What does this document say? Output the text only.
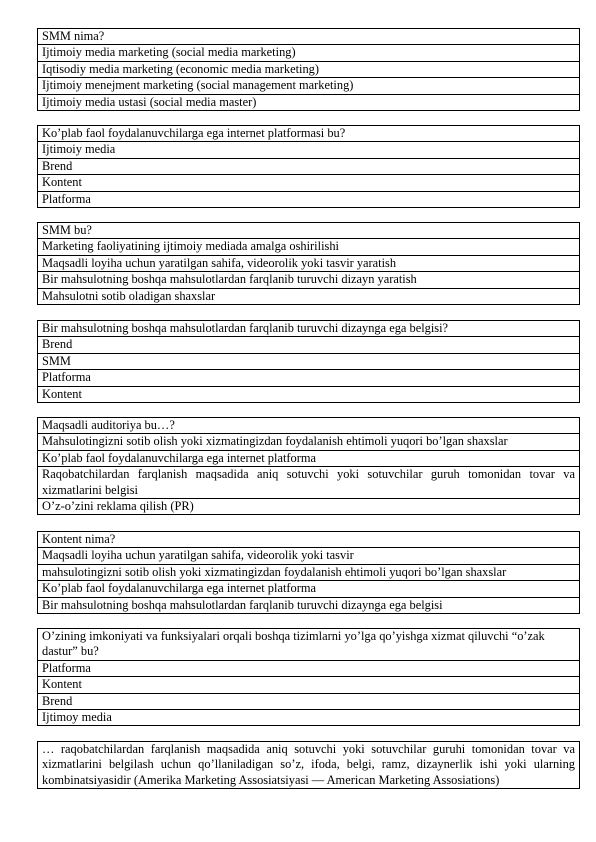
SMM nima?
Ijtimoiy media marketing (social media marketing)
Iqtisodiy media marketing (economic media marketing)
Ijtimoiy menejment marketing (social management marketing)
Ijtimoiy media ustasi (social media master)
Ko’plab faol foydalanuvchilarga ega internet platformasi bu?
Ijtimoiy media
Brend
Kontent
Platforma
SMM bu?
Marketing faoliyatining ijtimoiy mediada amalga oshirilishi
Maqsadli loyiha uchun yaratilgan sahifa, videorolik yoki tasvir yaratish
Bir mahsulotning boshqa mahsulotlardan farqlanib turuvchi dizayn yaratish
Mahsulotni sotib oladigan shaxslar
Bir mahsulotning boshqa mahsulotlardan farqlanib turuvchi dizaynga ega belgisi?
Brend
SMM
Platforma
Kontent
Maqsadli auditoriya bu…?
Mahsulotingizni sotib olish yoki xizmatingizdan foydalanish ehtimoli yuqori bo’lgan shaxslar
Ko’plab faol foydalanuvchilarga ega internet platforma
Raqobatchilardan farqlanish maqsadida aniq sotuvchi yoki sotuvchilar guruh tomonidan tovar va xizmatlarini belgisi
O’z-o’zini reklama qilish (PR)
Kontent nima?
Maqsadli loyiha uchun yaratilgan sahifa, videorolik yoki tasvir
mahsulotingizni sotib olish yoki xizmatingizdan foydalanish ehtimoli yuqori bo’lgan shaxslar
Ko’plab faol foydalanuvchilarga ega internet platforma
Bir mahsulotning boshqa mahsulotlardan farqlanib turuvchi dizaynga ega belgisi
O’zining imkoniyati va funksiyalari orqali boshqa tizimlarni yo’lga qo’yishga xizmat qiluvchi “o’zak dastur” bu?
Platforma
Kontent
Brend
Ijtimoy media
… raqobatchilardan farqlanish maqsadida aniq sotuvchi yoki sotuvchilar guruhi tomonidan tovar va xizmatlarini belgilash uchun qo’llaniladigan so’z, ifoda, belgi, ramz, dizaynerlik ishi yoki ularning kombinatsiyasidir (Amerika Marketing Assosiatsiyasi — American Marketing Assosiations)
